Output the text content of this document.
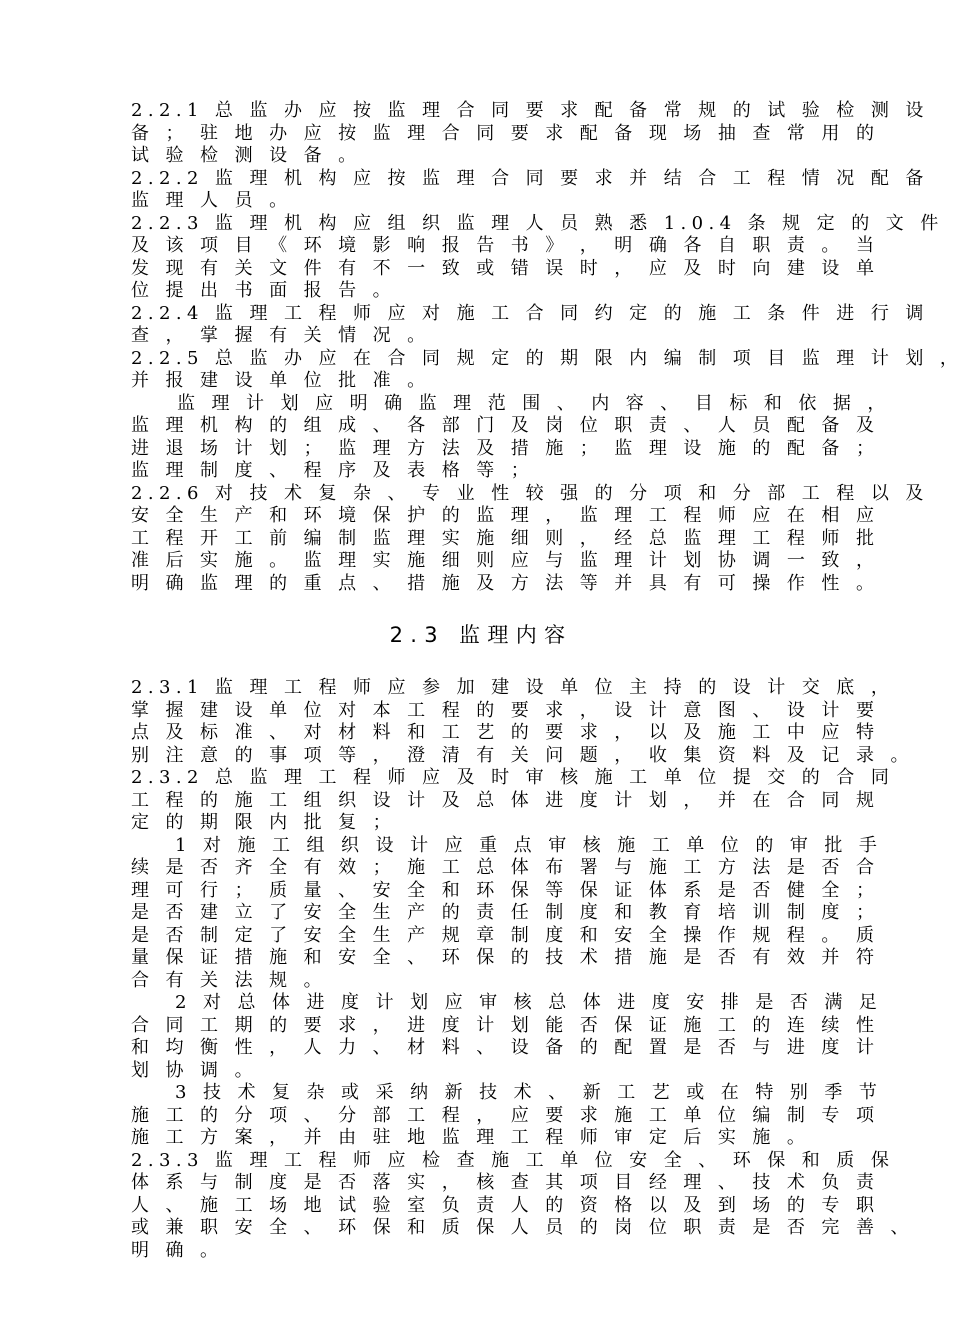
2.2.1 总 监 办 应 按 监 理 合 同 要 求 配 备 常 规 的 试 验 检 测 设
备 ； 驻 地 办 应 按 监 理 合 同 要 求 配 备 现 场 抽 查 常 用 的
试 验 检 测 设 备 。
2.2.2 监 理 机 构 应 按 监 理 合 同 要 求 并 结 合 工 程 情 况 配 备
监 理 人 员 。
2.2.3 监 理 机 构 应 组 织 监 理 人 员 熟 悉 1.0.4 条 规 定 的 文 件
及 该 项 目 《 环 境 影 响 报 告 书 》 ， 明 确 各 自 职 责 。 当
发 现 有 关 文 件 有 不 一 致 或 错 误 时 ， 应 及 时 向 建 设 单
位 提 出 书 面 报 告 。
2.2.4 监 理 工 程 师 应 对 施 工 合 同 约 定 的 施 工 条 件 进 行 调
查 ， 掌 握 有 关 情 况 。
2.2.5 总 监 办 应 在 合 同 规 定 的 期 限 内 编 制 项 目 监 理 计 划 ，
并 报 建 设 单 位 批 准 。
监 理 计 划 应 明 确 监 理 范 围 、 内 容 、 目 标 和 依 据 ，
监 理 机 构 的 组 成 、 各 部 门 及 岗 位 职 责 、 人 员 配 备 及
进 退 场 计 划 ； 监 理 方 法 及 措 施 ； 监 理 设 施 的 配 备 ；
监 理 制 度 、 程 序 及 表 格 等 ；
2.2.6 对 技 术 复 杂 、 专 业 性 较 强 的 分 项 和 分 部 工 程 以 及
安 全 生 产 和 环 境 保 护 的 监 理 ， 监 理 工 程 师 应 在 相 应
工 程 开 工 前 编 制 监 理 实 施 细 则 ， 经 总 监 理 工 程 师 批
准 后 实 施 。 监 理 实 施 细 则 应 与 监 理 计 划 协 调 一 致 ，
明 确 监 理 的 重 点 、 措 施 及 方 法 等 并 具 有 可 操 作 性 。
2.3 监理内容
2.3.1 监 理 工 程 师 应 参 加 建 设 单 位 主 持 的 设 计 交 底 ，
掌 握 建 设 单 位 对 本 工 程 的 要 求 ， 设 计 意 图 、 设 计 要
点 及 标 准 、 对 材 料 和 工 艺 的 要 求 ， 以 及 施 工 中 应 特
别 注 意 的 事 项 等 ， 澄 清 有 关 问 题 ， 收 集 资 料 及 记 录 。
2.3.2 总 监 理 工 程 师 应 及 时 审 核 施 工 单 位 提 交 的 合 同
工 程 的 施 工 组 织 设 计 及 总 体 进 度 计 划 ， 并 在 合 同 规
定 的 期 限 内 批 复 ；
1 对 施 工 组 织 设 计 应 重 点 审 核 施 工 单 位 的 审 批 手
续 是 否 齐 全 有 效 ； 施 工 总 体 布 署 与 施 工 方 法 是 否 合
理 可 行 ； 质 量 、 安 全 和 环 保 等 保 证 体 系 是 否 健 全 ；
是 否 建 立 了 安 全 生 产 的 责 任 制 度 和 教 育 培 训 制 度 ；
是 否 制 定 了 安 全 生 产 规 章 制 度 和 安 全 操 作 规 程 。 质
量 保 证 措 施 和 安 全 、 环 保 的 技 术 措 施 是 否 有 效 并 符
合 有 关 法 规 。
2 对 总 体 进 度 计 划 应 审 核 总 体 进 度 安 排 是 否 满 足
合 同 工 期 的 要 求 ， 进 度 计 划 能 否 保 证 施 工 的 连 续 性
和 均 衡 性 ， 人 力 、 材 料 、 设 备 的 配 置 是 否 与 进 度 计
划 协 调 。
3 技 术 复 杂 或 采 纳 新 技 术 、 新 工 艺 或 在 特 别 季 节
施 工 的 分 项 、 分 部 工 程 ， 应 要 求 施 工 单 位 编 制 专 项
施 工 方 案 ， 并 由 驻 地 监 理 工 程 师 审 定 后 实 施 。
2.3.3 监 理 工 程 师 应 检 查 施 工 单 位 安 全 、 环 保 和 质 保
体 系 与 制 度 是 否 落 实 ， 核 查 其 项 目 经 理 、 技 术 负 责
人 、 施 工 场 地 试 验 室 负 责 人 的 资 格 以 及 到 场 的 专 职
或 兼 职 安 全 、 环 保 和 质 保 人 员 的 岗 位 职 责 是 否 完 善 、
明 确 。
